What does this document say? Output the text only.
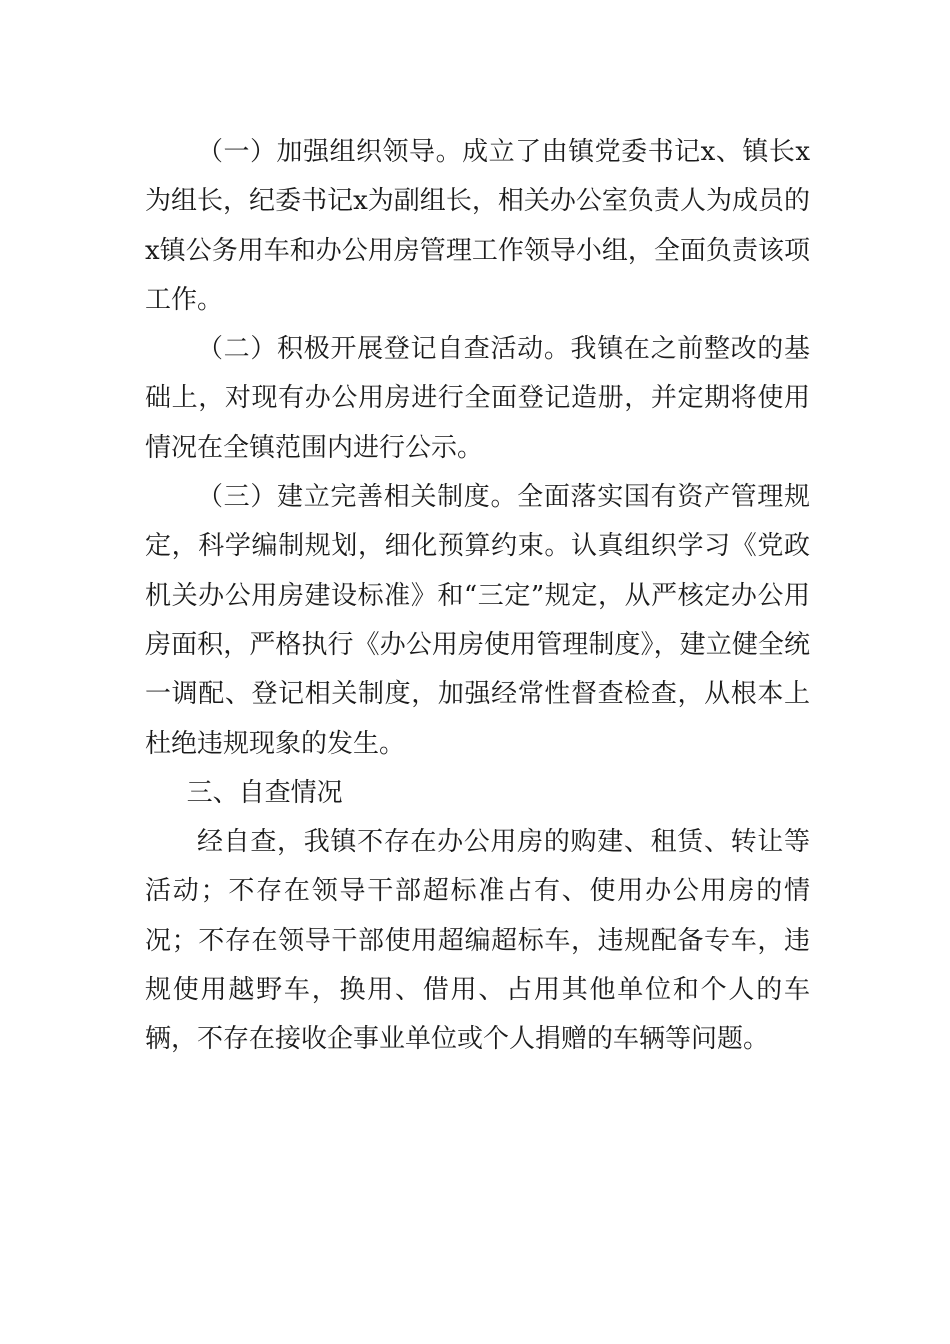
（一）加强组织领导。成立了由镇党委书记x、镇长x为组长，纪委书记x为副组长，相关办公室负责人为成员的x镇公务用车和办公用房管理工作领导小组，全面负责该项工作。

（二）积极开展登记自查活动。我镇在之前整改的基础上，对现有办公用房进行全面登记造册，并定期将使用情况在全镇范围内进行公示。

（三）建立完善相关制度。全面落实国有资产管理规定，科学编制规划，细化预算约束。认真组织学习《党政机关办公用房建设标准》和“三定”规定，从严核定办公用房面积，严格执行《办公用房使用管理制度》，建立健全统一调配、登记相关制度，加强经常性督查检查，从根本上杜绝违规现象的发生。

三、自查情况

经自查，我镇不存在办公用房的购建、租赁、转让等活动；不存在领导干部超标准占有、使用办公用房的情况；不存在领导干部使用超编超标车，违规配备专车，违规使用越野车，换用、借用、占用其他单位和个人的车辆，不存在接收企事业单位或个人捐赠的车辆等问题。
